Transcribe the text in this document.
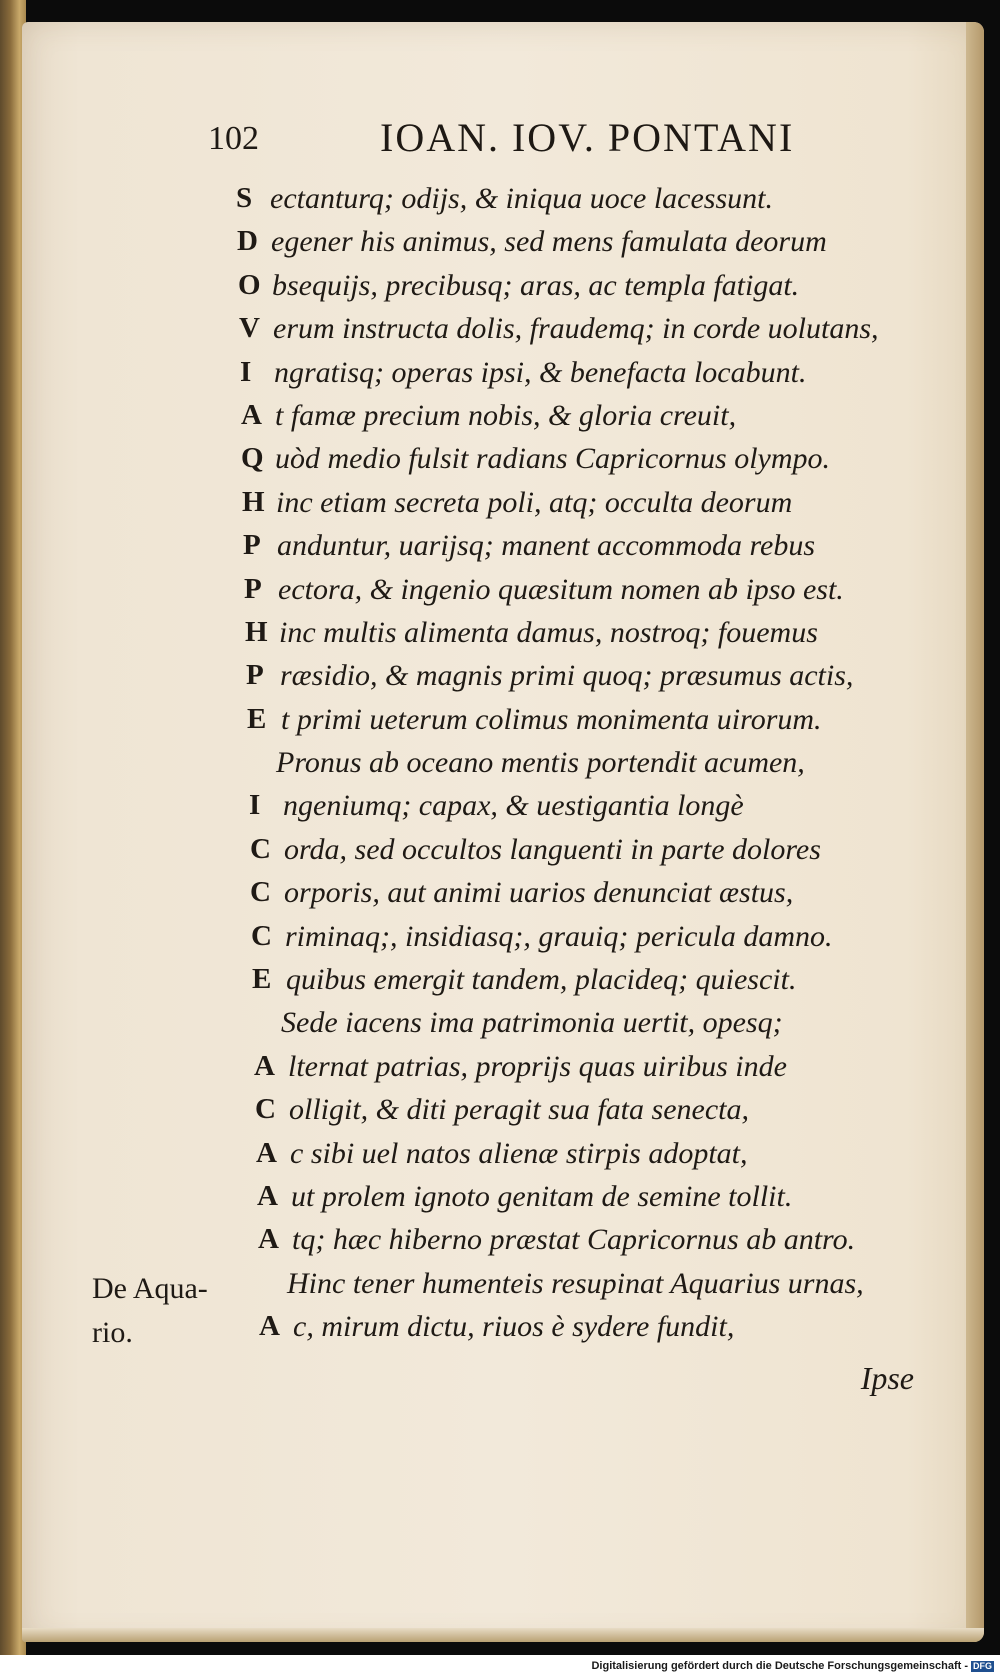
102	IOAN. IOV. PONTANI
S ectanturq; odijs, & iniqua uoce lacessunt.
D egener his animus, sed mens famulata deorum
O bsequijs, precibusq; aras, ac templa fatigat.
V erum instructa dolis, fraudemq; in corde uolutans,
I ngratisq; operas ipsi, & benefacta locabunt.
A t famæ precium nobis, & gloria creuit,
Q uòd medio fulsit radians Capricornus olympo.
H inc etiam secreta poli, atq; occulta deorum
P anduntur, uarijsq; manent accommoda rebus
P ectora, & ingenio quæsitum nomen ab ipso est.
H inc multis alimenta damus, nostroq; fouemus
P ræsidio, & magnis primi quoq; præsumus actis,
E t primi ueterum colimus monimenta uirorum.
Pronus ab oceano mentis portendit acumen,
I ngeniumq; capax, & uestigantia longè
C orda, sed occultos languenti in parte dolores
C orporis, aut animi uarios denunciat æstus,
C riminaq;, insidiasq;, grauiq; pericula damno.
E quibus emergit tandem, placideq; quiescit.
Sede iacens ima patrimonia uertit, opesq;
A lternat patrias, proprijs quas uiribus inde
C olligit, & diti peragit sua fata senecta,
A c sibi uel natos alienæ stirpis adoptat,
A ut prolem ignoto genitam de semine tollit.
A tq; hæc hiberno præstat Capricornus ab antro.
Hinc tener humenteis resupinat Aquarius urnas,
A c, mirum dictu, riuos è sydere fundit,
De Aqua-
rio.
Ipse
Digitalisierung gefördert durch die Deutsche Forschungsgemeinschaft - DFG
